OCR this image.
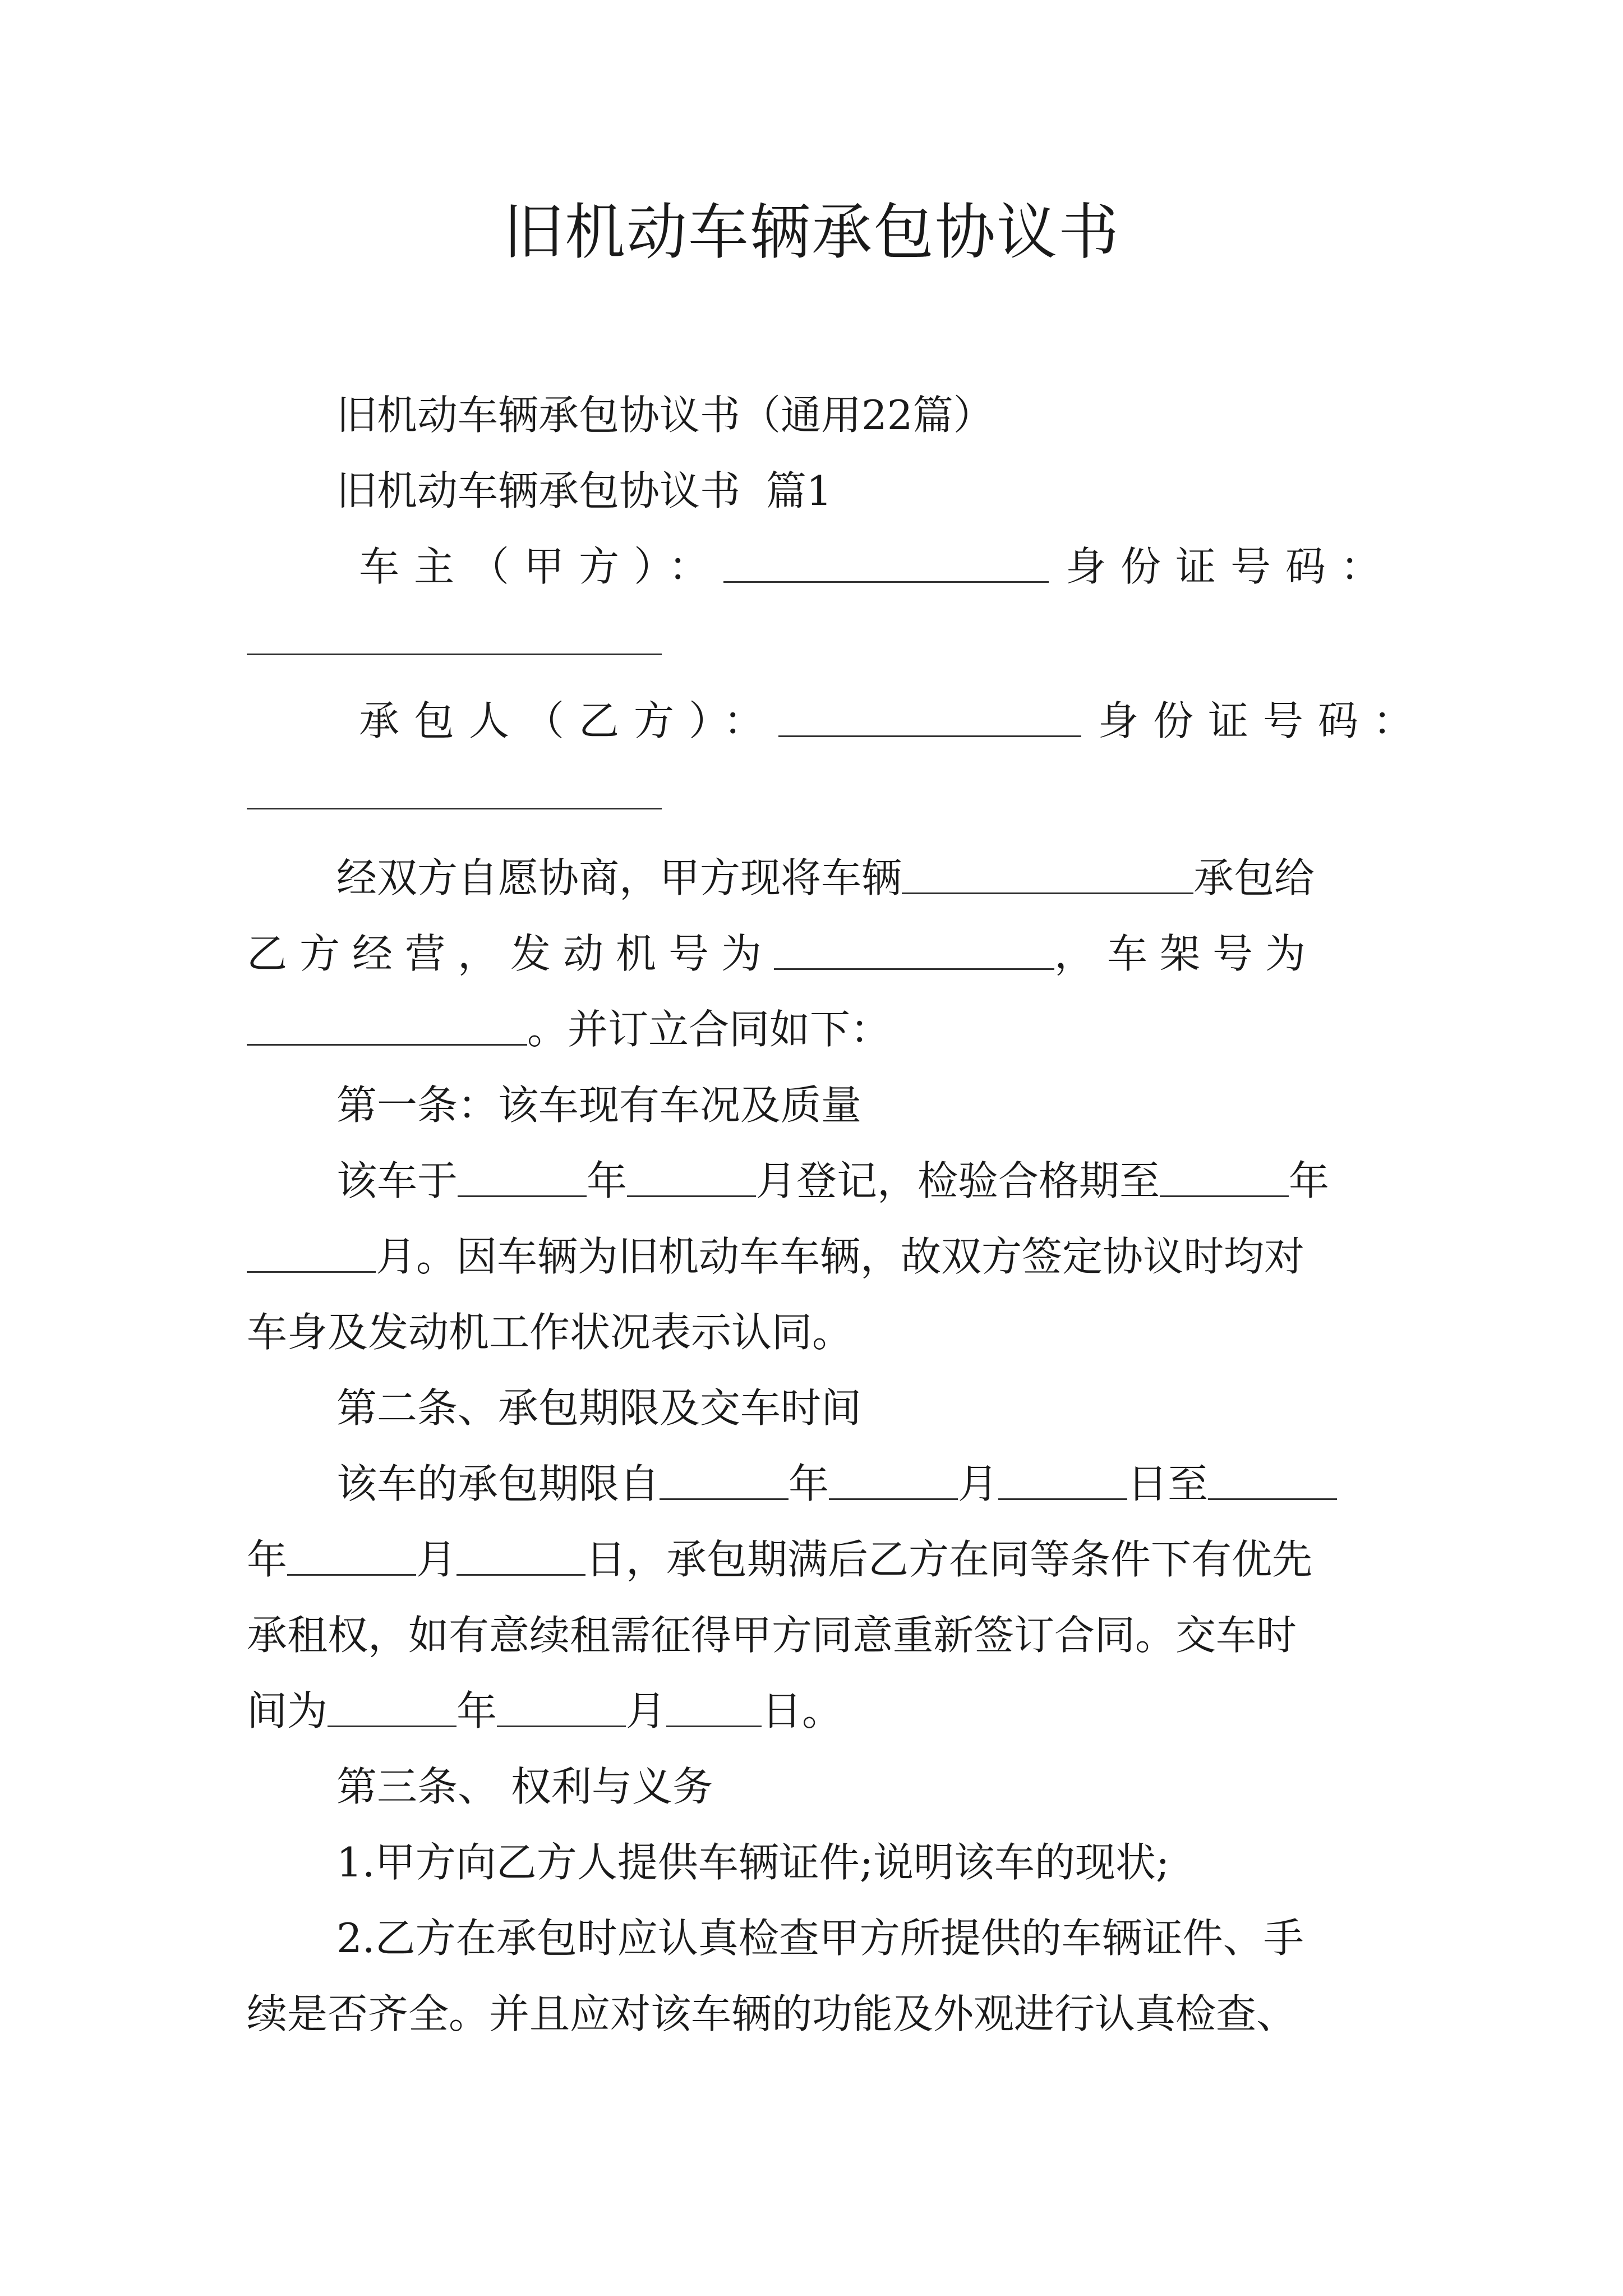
旧机动车辆承包协议书
旧机动车辆承包协议书（通用22篇）
旧机动车辆承包协议书  篇1
车主（甲方）：	身份证号码：
承包人（乙方）：	身份证号码：
经双方自愿协商，甲方现将车辆	承包给
乙方经营，发动机号为	，车架号为
。并订立合同如下：
第一条：该车现有车况及质量
该车于	年	月登记，检验合格期至	年
月。因车辆为旧机动车车辆，故双方签定协议时均对
车身及发动机工作状况表示认同。
第二条、承包期限及交车时间
该车的承包期限自	年	月	日至
年	月	日，承包期满后乙方在同等条件下有优先
承租权，如有意续租需征得甲方同意重新签订合同。交车时
间为	年	月 日。
第三条、 权利与义务
1.甲方向乙方人提供车辆证件;说明该车的现状;
2.乙方在承包时应认真检查甲方所提供的车辆证件、手
续是否齐全。并且应对该车辆的功能及外观进行认真检查、
